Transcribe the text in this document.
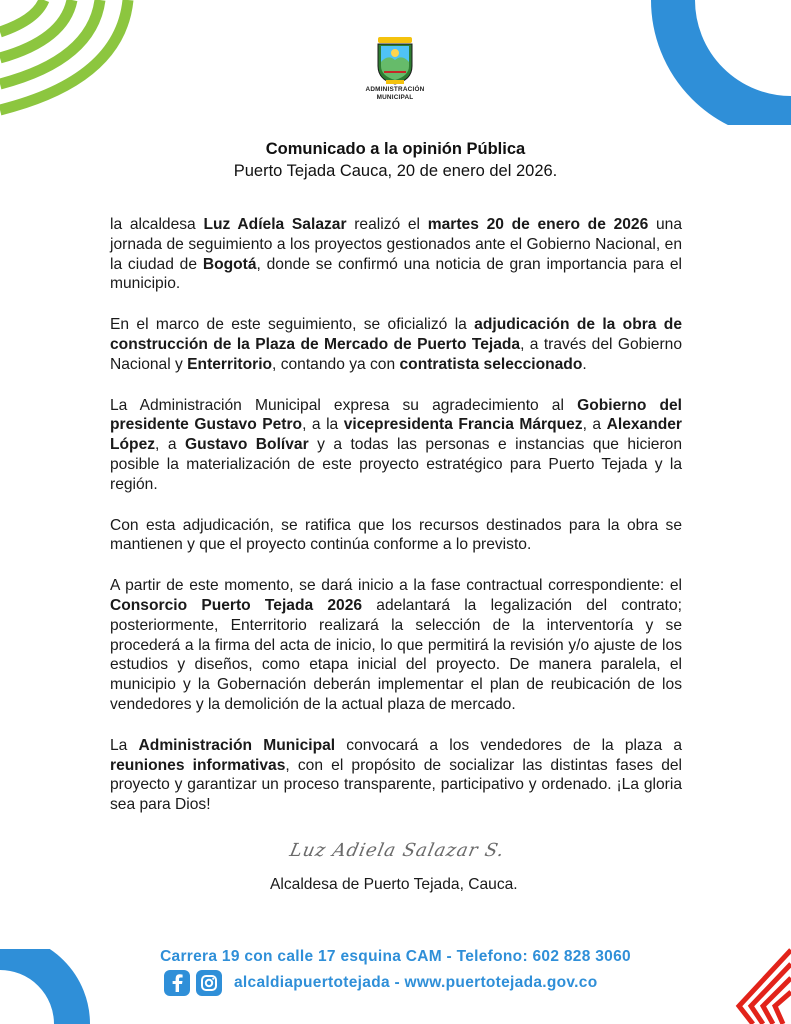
ADMINISTRACIÓN
MUNICIPAL
Comunicado a la opinión Pública
Puerto Tejada Cauca, 20 de enero del 2026.

la alcaldesa Luz Adíela Salazar realizó el martes 20 de enero de 2026 una jornada de seguimiento a los proyectos gestionados ante el Gobierno Nacional, en la ciudad de Bogotá, donde se confirmó una noticia de gran importancia para el municipio.

En el marco de este seguimiento, se oficializó la adjudicación de la obra de construcción de la Plaza de Mercado de Puerto Tejada, a través del Gobierno Nacional y Enterritorio, contando ya con contratista seleccionado.

La Administración Municipal expresa su agradecimiento al Gobierno del presidente Gustavo Petro, a la vicepresidenta Francia Márquez, a Alexander López, a Gustavo Bolívar y a todas las personas e instancias que hicieron posible la materialización de este proyecto estratégico para Puerto Tejada y la región.

Con esta adjudicación, se ratifica que los recursos destinados para la obra se mantienen y que el proyecto continúa conforme a lo previsto.

A partir de este momento, se dará inicio a la fase contractual correspondiente: el Consorcio Puerto Tejada 2026 adelantará la legalización del contrato; posteriormente, Enterritorio realizará la selección de la interventoría y se procederá a la firma del acta de inicio, lo que permitirá la revisión y/o ajuste de los estudios y diseños, como etapa inicial del proyecto. De manera paralela, el municipio y la Gobernación deberán implementar el plan de reubicación de los vendedores y la demolición de la actual plaza de mercado.

La Administración Municipal convocará a los vendedores de la plaza a reuniones informativas, con el propósito de socializar las distintas fases del proyecto y garantizar un proceso transparente, participativo y ordenado. ¡La gloria sea para Dios!

Luz Adiela Salazar S.
Alcaldesa de Puerto Tejada, Cauca.
Carrera 19 con calle 17 esquina CAM - Telefono: 602 828 3060
alcaldiapuertotejada - www.puertotejada.gov.co
